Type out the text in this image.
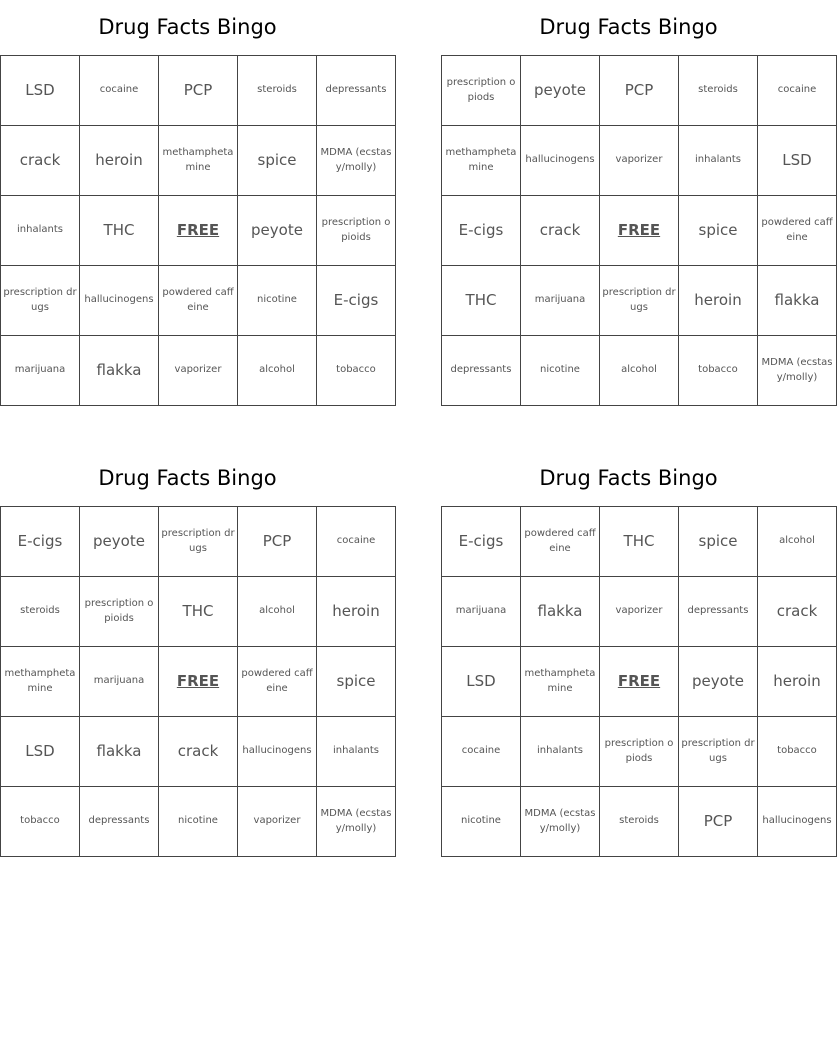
Drug Facts Bingo
LSD	cocaine	PCP	steroids	depressants
crack	heroin	methamphetamine	spice	MDMA (ecstasy/molly)
inhalants	THC	FREE	peyote	prescription opioids
prescription drugs	hallucinogens	powdered caffeine	nicotine	E-cigs
marijuana	flakka	vaporizer	alcohol	tobacco
Drug Facts Bingo
prescription opiods	peyote	PCP	steroids	cocaine
methamphetamine	hallucinogens	vaporizer	inhalants	LSD
E-cigs	crack	FREE	spice	powdered caffeine
THC	marijuana	prescription drugs	heroin	flakka
depressants	nicotine	alcohol	tobacco	MDMA (ecstasy/molly)
Drug Facts Bingo
E-cigs	peyote	prescription drugs	PCP	cocaine
steroids	prescription opioids	THC	alcohol	heroin
methamphetamine	marijuana	FREE	powdered caffeine	spice
LSD	flakka	crack	hallucinogens	inhalants
tobacco	depressants	nicotine	vaporizer	MDMA (ecstasy/molly)
Drug Facts Bingo
E-cigs	powdered caffeine	THC	spice	alcohol
marijuana	flakka	vaporizer	depressants	crack
LSD	methamphetamine	FREE	peyote	heroin
cocaine	inhalants	prescription opiods	prescription drugs	tobacco
nicotine	MDMA (ecstasy/molly)	steroids	PCP	hallucinogens
